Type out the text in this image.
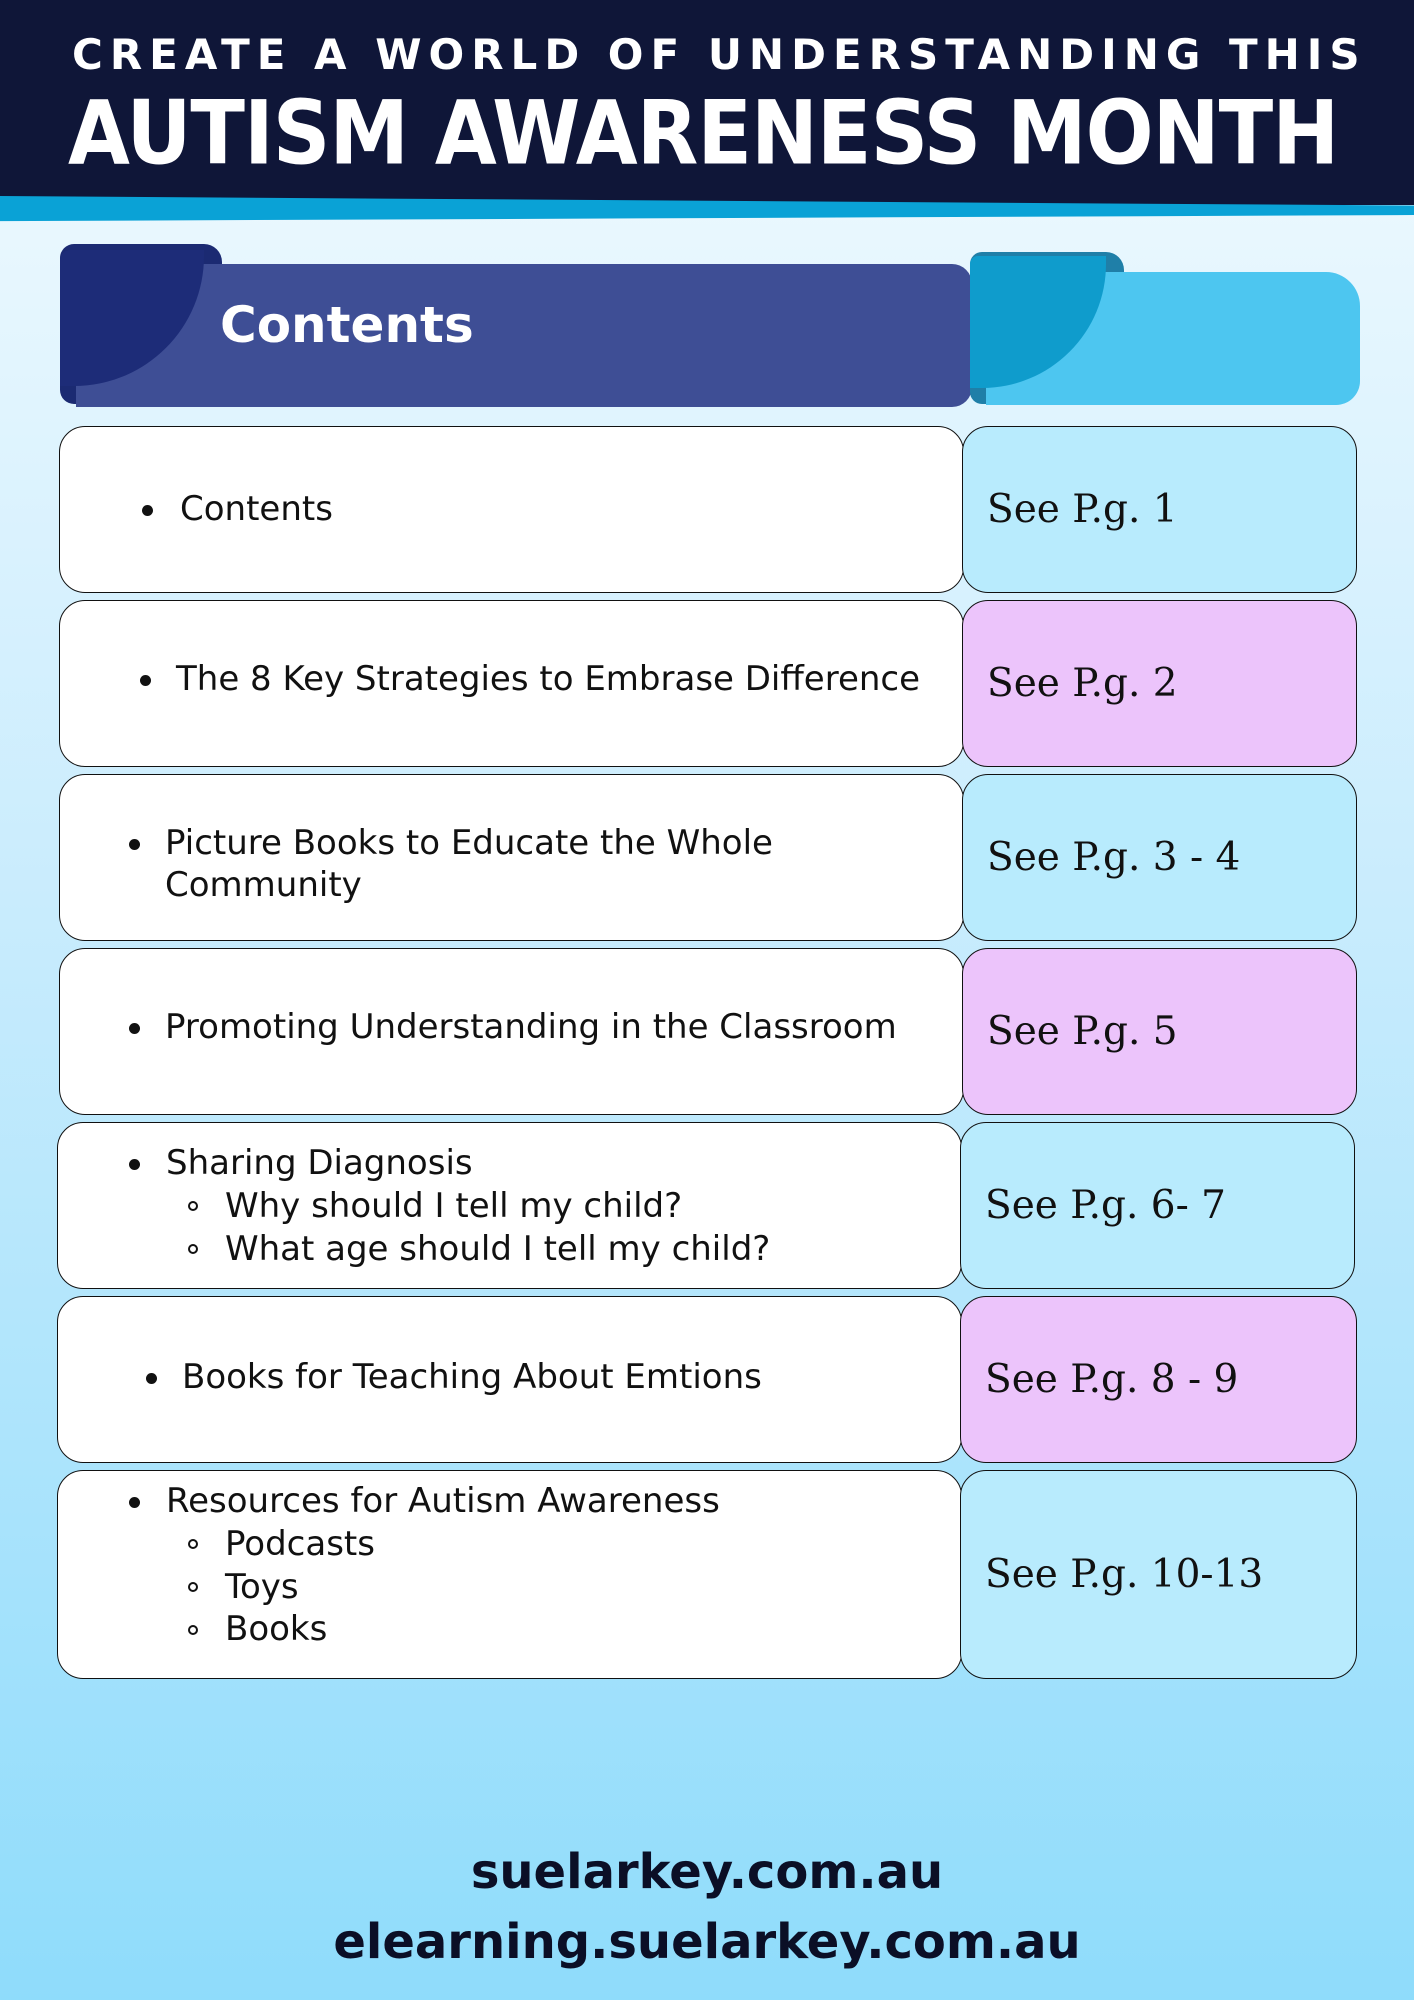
CREATE A WORLD OF UNDERSTANDING THIS
AUTISM AWARENESS MONTH
Contents
Contents	See P.g. 1
The 8 Key Strategies to Embrase Difference	See P.g. 2
Picture Books to Educate the Whole
Community
See P.g. 3 - 4
Promoting Understanding in the Classroom	See P.g. 5
Sharing Diagnosis
Why should I tell my child?
What age should I tell my child?
See P.g. 6- 7
Books for Teaching About Emtions	See P.g. 8 - 9
Resources for Autism Awareness
Podcasts
Toys
Books
See P.g. 10-13
suelarkey.com.au
elearning.suelarkey.com.au
